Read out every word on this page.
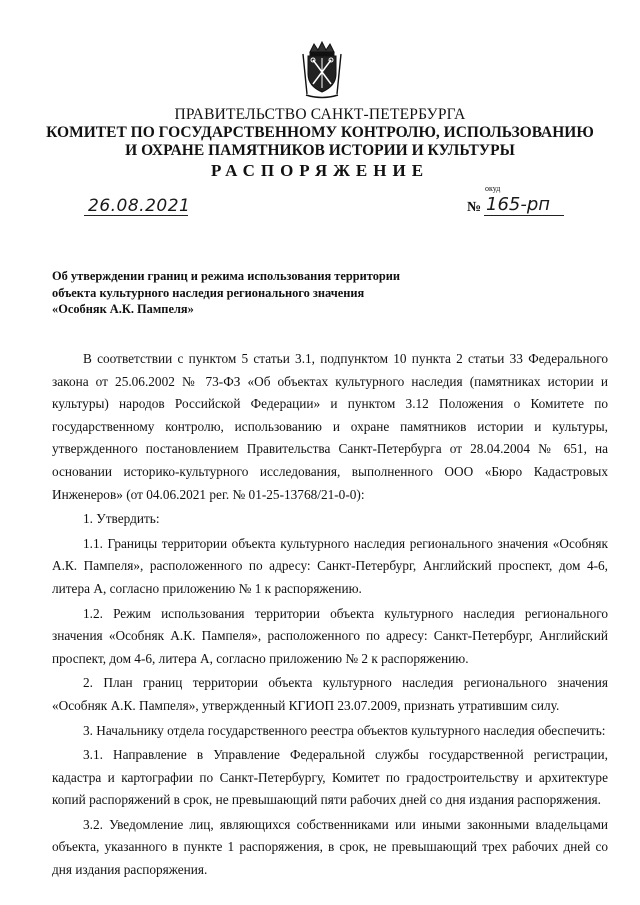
ПРАВИТЕЛЬСТВО САНКТ-ПЕТЕРБУРГА
КОМИТЕТ ПО ГОСУДАРСТВЕННОМУ КОНТРОЛЮ, ИСПОЛЬЗОВАНИЮ
И ОХРАНЕ ПАМЯТНИКОВ ИСТОРИИ И КУЛЬТУРЫ
РАСПОРЯЖЕНИЕ
26.08.2021
окуд
№ 165-рп
Об утверждении границ и режима использования территории
объекта культурного наследия регионального значения
«Особняк А.К. Пампеля»

В соответствии с пунктом 5 статьи 3.1, подпунктом 10 пункта 2 статьи 33 Федерального закона от 25.06.2002 № 73-ФЗ «Об объектах культурного наследия (памятниках истории и культуры) народов Российской Федерации» и пунктом 3.12 Положения о Комитете по государственному контролю, использованию и охране памятников истории и культуры, утвержденного постановлением Правительства Санкт-Петербурга от 28.04.2004 № 651, на основании историко-культурного исследования, выполненного ООО «Бюро Кадастровых Инженеров» (от 04.06.2021 рег. № 01-25-13768/21-0-0):

1. Утвердить:

1.1. Границы территории объекта культурного наследия регионального значения «Особняк А.К. Пампеля», расположенного по адресу: Санкт-Петербург, Английский проспект, дом 4-6, литера А, согласно приложению № 1 к распоряжению.

1.2. Режим использования территории объекта культурного наследия регионального значения «Особняк А.К. Пампеля», расположенного по адресу: Санкт-Петербург, Английский проспект, дом 4-6, литера А, согласно приложению № 2 к распоряжению.

2. План границ территории объекта культурного наследия регионального значения «Особняк А.К. Пампеля», утвержденный КГИОП 23.07.2009, признать утратившим силу.

3. Начальнику отдела государственного реестра объектов культурного наследия обеспечить:

3.1. Направление в Управление Федеральной службы государственной регистрации, кадастра и картографии по Санкт-Петербургу, Комитет по градостроительству и архитектуре копий распоряжений в срок, не превышающий пяти рабочих дней со дня издания распоряжения.

3.2. Уведомление лиц, являющихся собственниками или иными законными владельцами объекта, указанного в пункте 1 распоряжения, в срок, не превышающий трех рабочих дней со дня издания распоряжения.
